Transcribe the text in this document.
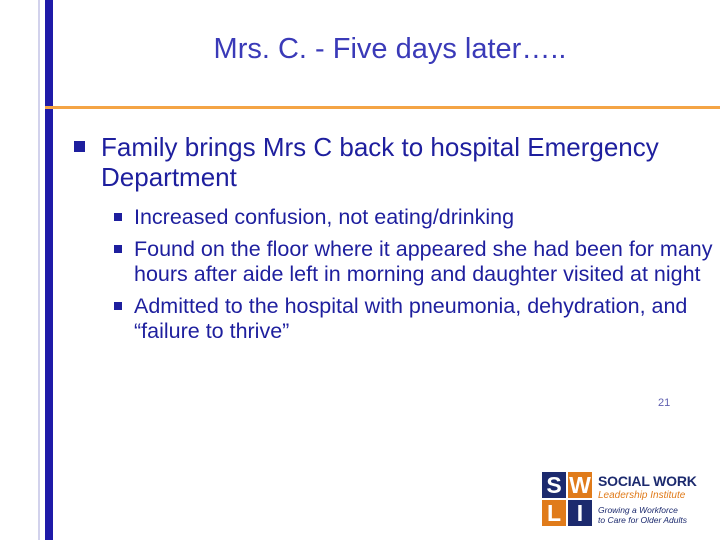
Mrs. C. - Five days later…..
Family brings Mrs C back to hospital Emergency Department
Increased confusion, not eating/drinking
Found on the floor where it appeared she had been for many hours after aide left in morning and daughter visited at night
Admitted to the hospital with pneumonia, dehydration, and “failure to thrive”
21
S W
L I
SOCIAL WORK
Leadership Institute
Growing a Workforce
to Care for Older Adults
